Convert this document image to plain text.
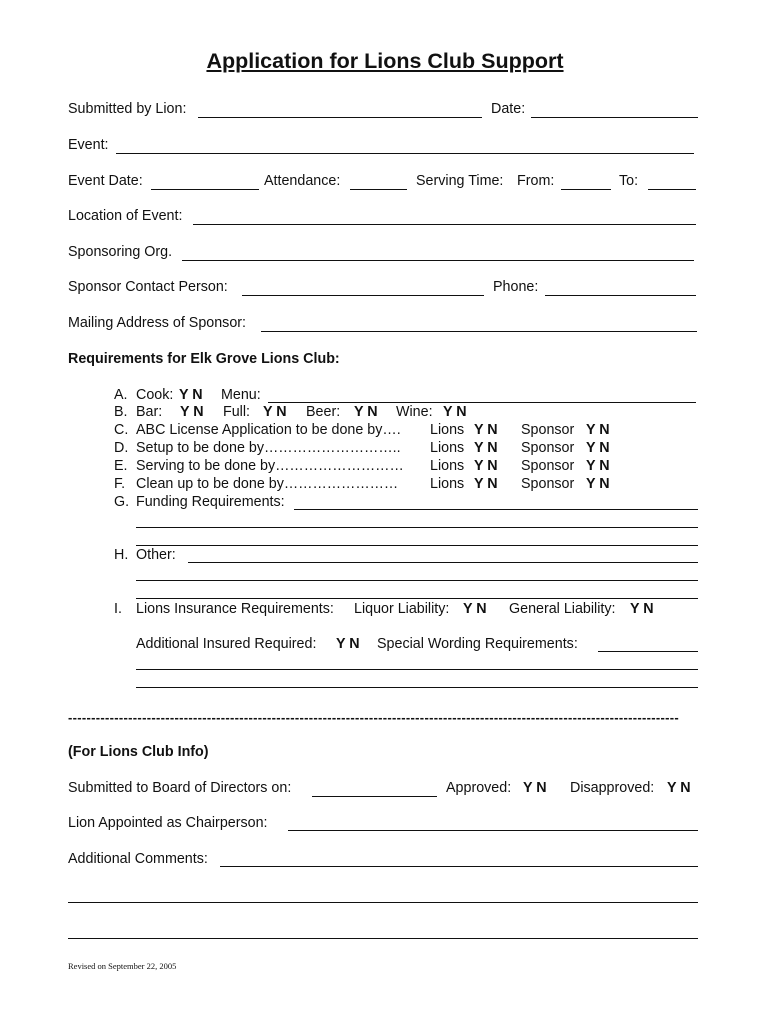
Application for Lions Club Support
Submitted by Lion:	Date:
Event:
Event Date:	Attendance:	Serving Time: From:	To:
Location of Event:
Sponsoring Org.
Sponsor Contact Person:	Phone:
Mailing Address of Sponsor:
Requirements for Elk Grove Lions Club:
A. Cook: Y N Menu:
B. Bar: Y N Full: Y N Beer: Y N Wine: Y N
C. ABC License Application to be done by…. Lions Y N Sponsor Y N
D. Setup to be done by……………………….. Lions Y N Sponsor Y N
E. Serving to be done by……………………… Lions Y N Sponsor Y N
F. Clean up to be done by…………………… Lions Y N Sponsor Y N
G. Funding Requirements:
H. Other:
I. Lions Insurance Requirements: Liquor Liability: Y N General Liability: Y N
Additional Insured Required: Y N Special Wording Requirements:
------------------------------------------------------------------------------------------------------------------------------------
(For Lions Club Info)
Submitted to Board of Directors on:	Approved: Y N Disapproved: Y N
Lion Appointed as Chairperson:
Additional Comments:
Revised on September 22, 2005
